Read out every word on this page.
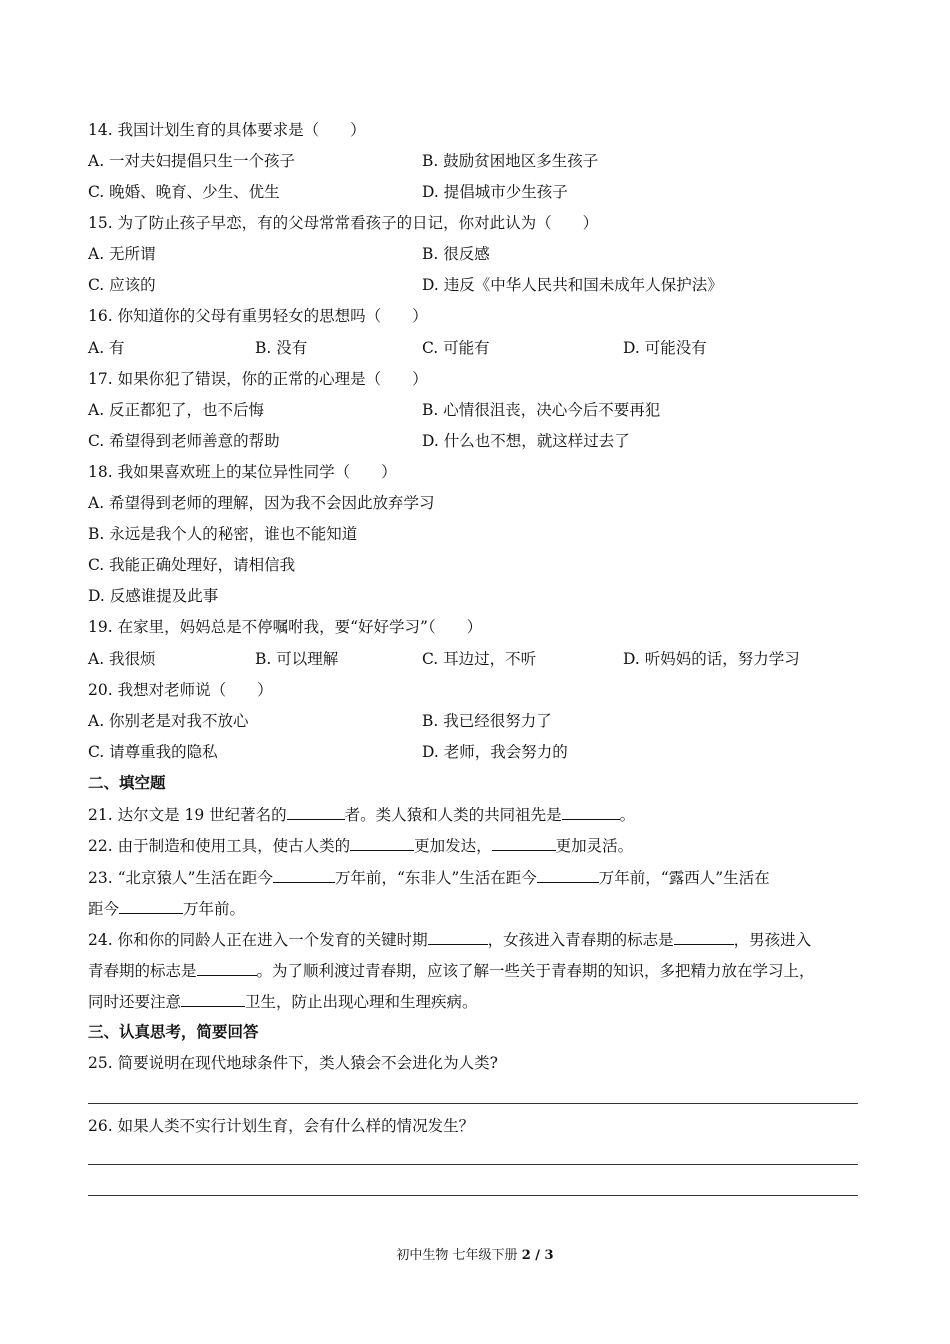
14. 我国计划生育的具体要求是（　　）
A. 一对夫妇提倡只生一个孩子	B. 鼓励贫困地区多生孩子
C. 晚婚、晚育、少生、优生	D. 提倡城市少生孩子
15. 为了防止孩子早恋，有的父母常常看孩子的日记，你对此认为（　　）
A. 无所谓	B. 很反感
C. 应该的	D. 违反《中华人民共和国未成年人保护法》
16. 你知道你的父母有重男轻女的思想吗（　　）
A. 有	B. 没有	C. 可能有	D. 可能没有
17. 如果你犯了错误，你的正常的心理是（　　）
A. 反正都犯了，也不后悔	B. 心情很沮丧，决心今后不要再犯
C. 希望得到老师善意的帮助	D. 什么也不想，就这样过去了
18. 我如果喜欢班上的某位异性同学（　　）
A. 希望得到老师的理解，因为我不会因此放弃学习
B. 永远是我个人的秘密，谁也不能知道
C. 我能正确处理好，请相信我
D. 反感谁提及此事
19. 在家里，妈妈总是不停嘱咐我，要“好好学习”（　　）
A. 我很烦	B. 可以理解	C. 耳边过，不听	D. 听妈妈的话，努力学习
20. 我想对老师说（　　）
A. 你别老是对我不放心	B. 我已经很努力了
C. 请尊重我的隐私	D. 老师，我会努力的
二、填空题
21. 达尔文是 19 世纪著名的	者。类人猿和人类的共同祖先是	。
22. 由于制造和使用工具，使古人类的	更加发达，	更加灵活。
23. “北京猿人”生活在距今	万年前，“东非人”生活在距今	万年前，“露西人”生活在
距今	万年前。
24. 你和你的同龄人正在进入一个发育的关键时期	，女孩进入青春期的标志是	，男孩进入
青春期的标志是	。为了顺利渡过青春期，应该了解一些关于青春期的知识，多把精力放在学习上，
同时还要注意	卫生，防止出现心理和生理疾病。
三、认真思考，简要回答
25. 简要说明在现代地球条件下，类人猿会不会进化为人类?
26. 如果人类不实行计划生育，会有什么样的情况发生？
初中生物 七年级下册 2 / 3
